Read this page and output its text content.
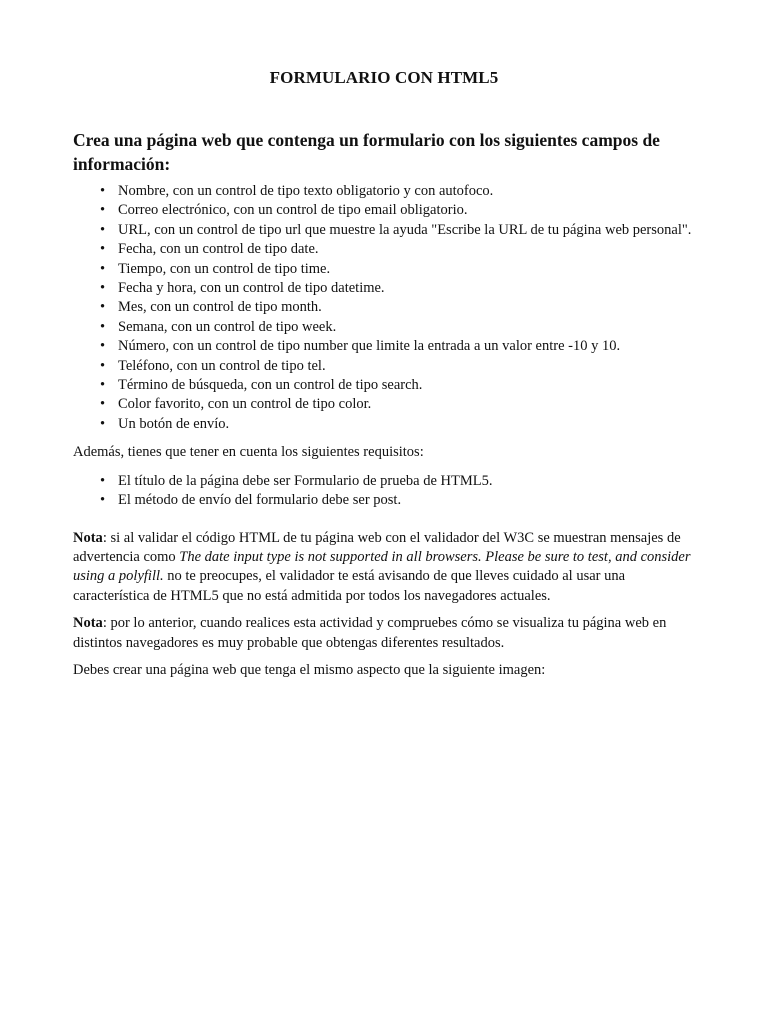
FORMULARIO CON HTML5
Crea una página web que contenga un formulario con los siguientes campos de información:
• Nombre, con un control de tipo texto obligatorio y con autofoco.
• Correo electrónico, con un control de tipo email obligatorio.
• URL, con un control de tipo url que muestre la ayuda "Escribe la URL de tu página web personal".
• Fecha, con un control de tipo date.
• Tiempo, con un control de tipo time.
• Fecha y hora, con un control de tipo datetime.
• Mes, con un control de tipo month.
• Semana, con un control de tipo week.
• Número, con un control de tipo number que limite la entrada a un valor entre -10 y 10.
• Teléfono, con un control de tipo tel.
• Término de búsqueda, con un control de tipo search.
• Color favorito, con un control de tipo color.
• Un botón de envío.

Además, tienes que tener en cuenta los siguientes requisitos:

• El título de la página debe ser Formulario de prueba de HTML5.
• El método de envío del formulario debe ser post.

Nota: si al validar el código HTML de tu página web con el validador del W3C se muestran mensajes de advertencia como The date input type is not supported in all browsers. Please be sure to test, and consider using a polyfill. no te preocupes, el validador te está avisando de que lleves cuidado al usar una característica de HTML5 que no está admitida por todos los navegadores actuales.

Nota: por lo anterior, cuando realices esta actividad y compruebes cómo se visualiza tu página web en distintos navegadores es muy probable que obtengas diferentes resultados.

Debes crear una página web que tenga el mismo aspecto que la siguiente imagen:
